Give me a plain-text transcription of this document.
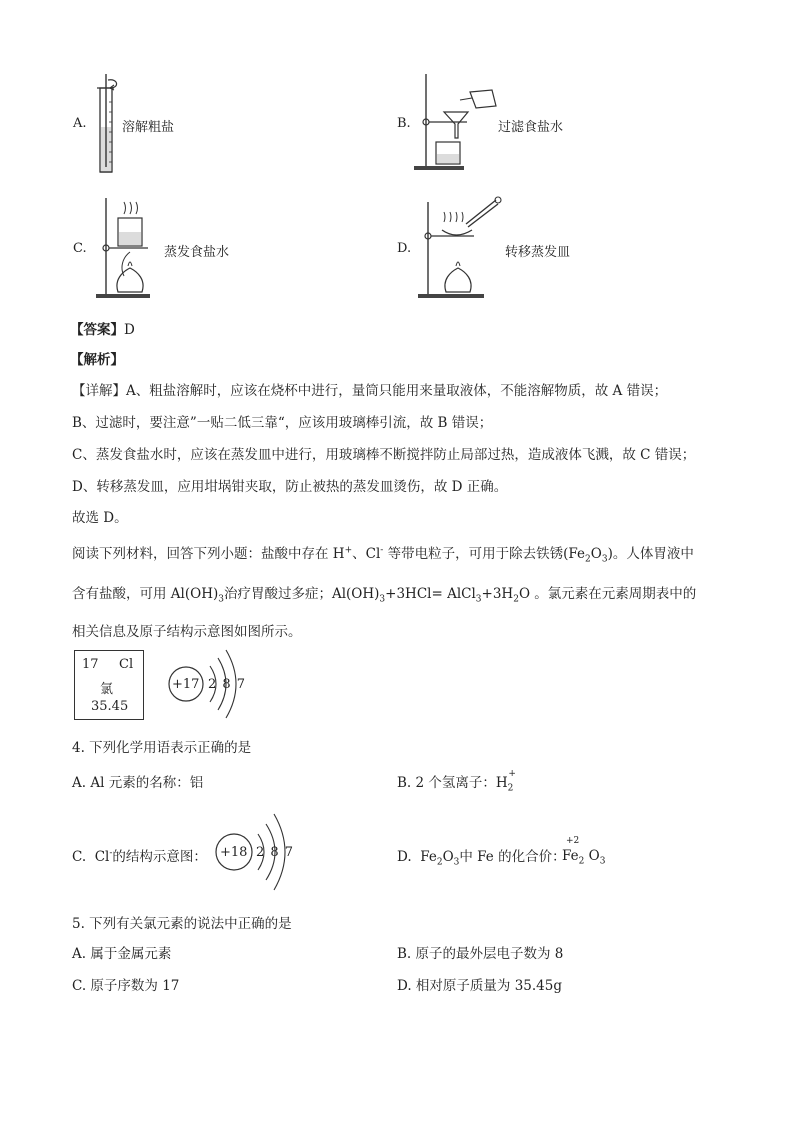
A.	溶解粗盐	B.	过滤食盐水
C.	蒸发食盐水	D.	转移蒸发皿
【答案】D
【解析】
【详解】A、粗盐溶解时，应该在烧杯中进行，量筒只能用来量取液体，不能溶解物质，故 A 错误；
B、过滤时，要注意”一贴二低三靠“，应该用玻璃棒引流，故 B 错误；
C、蒸发食盐水时，应该在蒸发皿中进行，用玻璃棒不断搅拌防止局部过热，造成液体飞溅，故 C 错误；
D、转移蒸发皿，应用坩埚钳夹取，防止被热的蒸发皿烫伤，故 D 正确。
故选 D。
阅读下列材料，回答下列小题：盐酸中存在 H+、Cl- 等带电粒子，可用于除去铁锈$(Fe_2O_3)$。人体胃液中
含有盐酸，可用 $Al(OH)_3$治疗胃酸过多症；$Al(OH)_3+3HCl=$ $AlCl_3+3H_2O$ 。氯元素在元素周期表中的
相关信息及原子结构示意图如图所示。
17 Cl
氯
35.45
+17 2 8 7
4. 下列化学用语表示正确的是
A. Al 元素的名称：铝	B. 2 个氢离子：$H_2^+$
C.  Cl-的结构示意图： +18 2 8 7	D.  $Fe_2O_3$中 Fe 的化合价：
+2
$Fe_2$ $O_3$
5. 下列有关氯元素的说法中正确的是
A. 属于金属元素	B. 原子的最外层电子数为 8
C. 原子序数为 17	D. 相对原子质量为 35.45g
